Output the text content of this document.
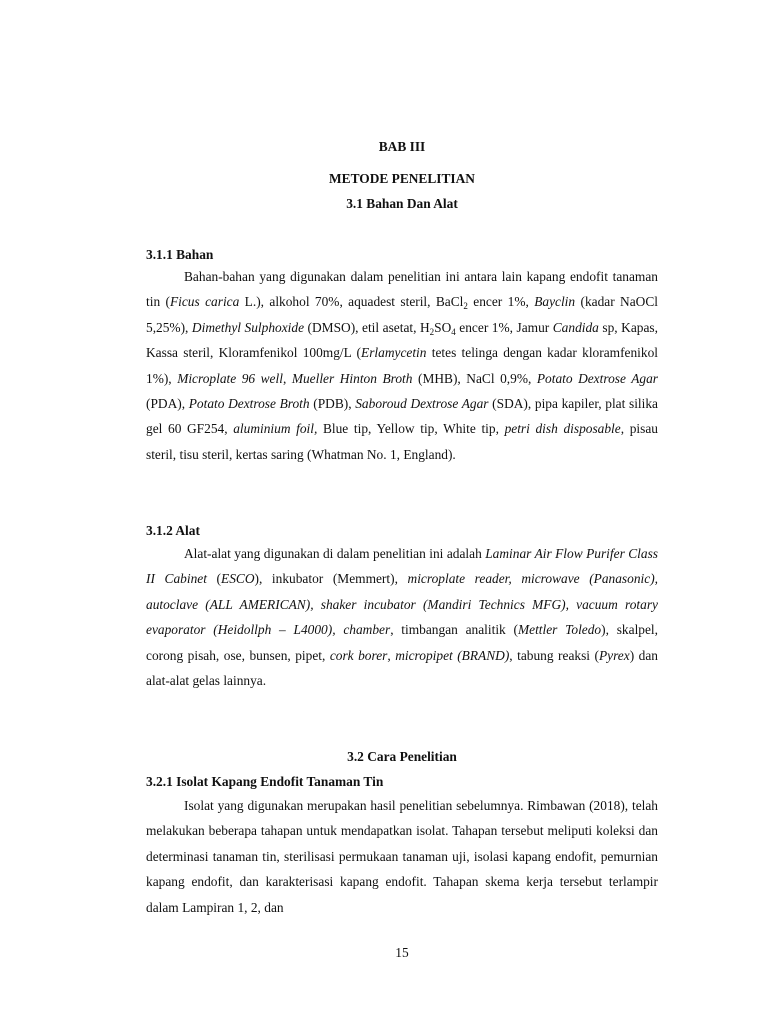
BAB III
METODE PENELITIAN
3.1 Bahan Dan Alat
3.1.1 Bahan

Bahan-bahan yang digunakan dalam penelitian ini antara lain kapang endofit tanaman tin (Ficus carica L.), alkohol 70%, aquadest steril, BaCl$_2$ encer 1%, Bayclin (kadar NaOCl 5,25%), Dimethyl Sulphoxide (DMSO), etil asetat, $H_2SO_4$ encer 1%, Jamur Candida sp, Kapas, Kassa steril, Kloramfenikol 100mg/L (Erlamycetin tetes telinga dengan kadar kloramfenikol 1%), Microplate 96 well, Mueller Hinton Broth (MHB), NaCl 0,9%, Potato Dextrose Agar (PDA), Potato Dextrose Broth (PDB), Saboroud Dextrose Agar (SDA), pipa kapiler, plat silika gel 60 GF254, aluminium foil, Blue tip, Yellow tip, White tip, petri dish disposable, pisau steril, tisu steril, kertas saring (Whatman No. 1, England).

3.1.2 Alat

Alat-alat yang digunakan di dalam penelitian ini adalah Laminar Air Flow Purifer Class II Cabinet (ESCO), inkubator (Memmert), microplate reader, microwave (Panasonic), autoclave (ALL AMERICAN), shaker incubator (Mandiri Technics MFG), vacuum rotary evaporator (Heidollph – L4000), chamber, timbangan analitik (Mettler Toledo), skalpel, corong pisah, ose, bunsen, pipet, cork borer, micropipet (BRAND), tabung reaksi (Pyrex) dan alat-alat gelas lainnya.

3.2 Cara Penelitian
3.2.1 Isolat Kapang Endofit Tanaman Tin

Isolat yang digunakan merupakan hasil penelitian sebelumnya. Rimbawan (2018), telah melakukan beberapa tahapan untuk mendapatkan isolat. Tahapan tersebut meliputi koleksi dan determinasi tanaman tin, sterilisasi permukaan tanaman uji, isolasi kapang endofit, pemurnian kapang endofit, dan karakterisasi kapang endofit. Tahapan skema kerja tersebut terlampir dalam Lampiran 1, 2, dan

15
